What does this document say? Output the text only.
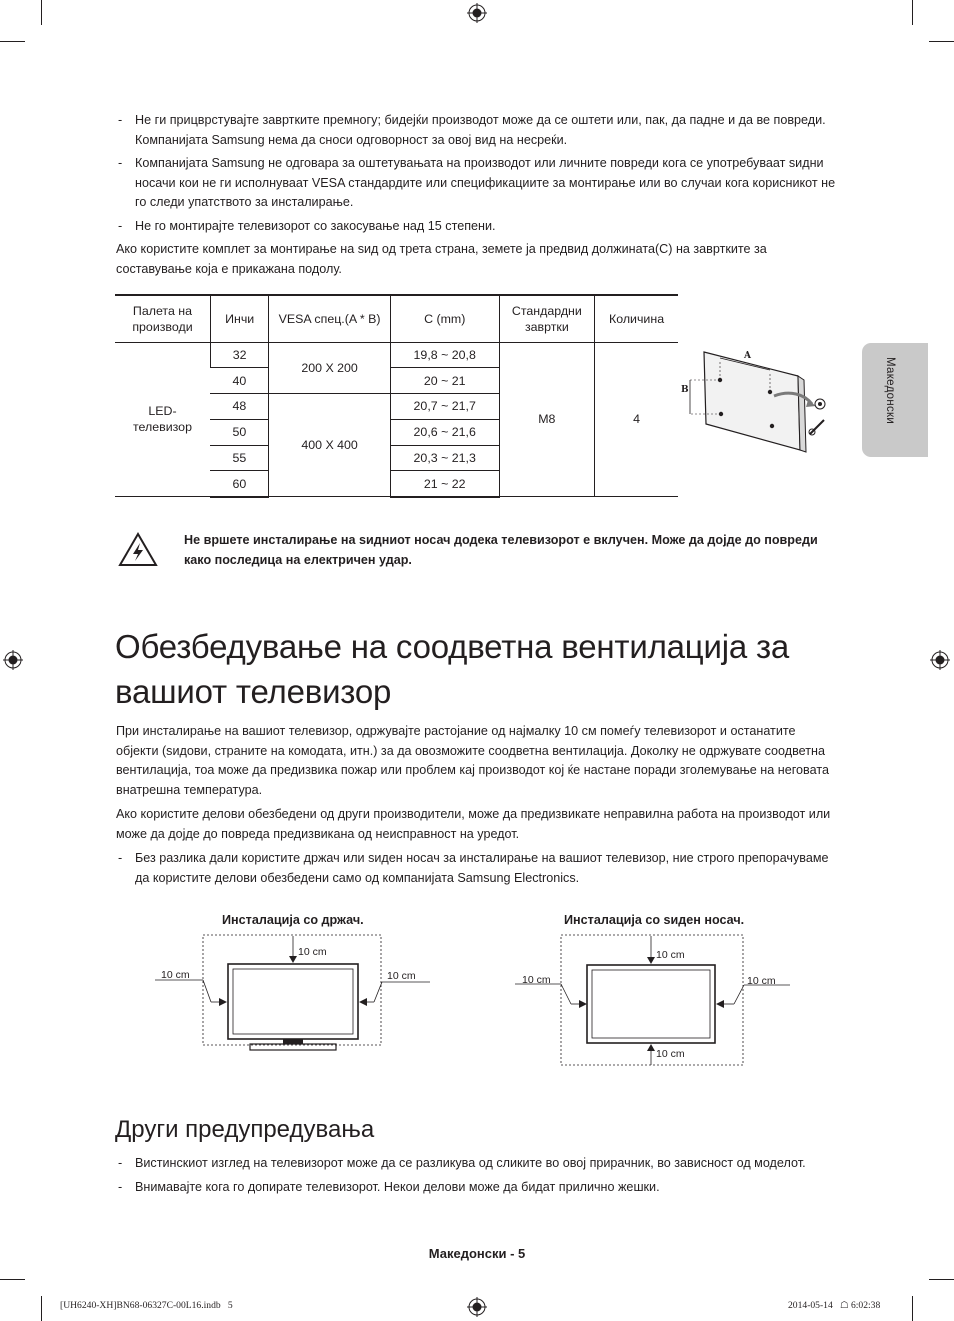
Македонски
- Не ги прицврстувајте завртките премногу; бидејќи производот може да се оштети или, пак, да падне и да ве повреди. Компанијата Samsung нема да сноси одговорност за овој вид на несреќи.
- Компанијата Samsung не одговара за оштетувањата на производот или личните повреди кога се употребуваат ѕидни носачи кои не ги исполнуваат VESA стандардите или спецификациите за монтирање или во случаи кога корисникот не го следи упатството за инсталирање.
- Не го монтирајте телевизорот со закосување над 15 степени.
Ако користите комплет за монтирање на ѕид од трета страна, земете ја предвид должината(C) на завртките за составување која е прикажана подолу.
Палета на производи	Инчи	VESA спец.(A * B)	C (mm)	Стандардни завртки	Количина
LED-телевизор	32	200 X 200	19,8 ~ 20,8	M8	4
	40		20 ~ 21		
	48	400 X 400	20,7 ~ 21,7		
	50		20,6 ~ 21,6		
	55		20,3 ~ 21,3		
	60		21 ~ 22		
A
B
Не вршете инсталирање на ѕидниот носач додека телевизорот е вклучен. Може да дојде до повреди како последица на електричен удар.
Обезбедување на соодветна вентилација за вашиот телевизор
При инсталирање на вашиот телевизор, одржувајте растојание од најмалку 10 см помеѓу телевизорот и останатите објекти (ѕидови, страните на комодата, итн.) за да овозможите соодветна вентилација. Доколку не одржувате соодветна вентилација, тоа може да предизвика пожар или проблем кај производот кој ќе настане поради зголемување на неговата внатрешна температура.
Ако користите делови обезбедени од други производители, може да предизвикате неправилна работа на производот или може да дојде до повреда предизвикана од неисправност на уредот.
- Без разлика дали користите држач или ѕиден носач за инсталирање на вашиот телевизор, ние строго препорачуваме да користите делови обезбедени само од компанијата Samsung Electronics.
Инсталација со држач.	Инсталација со ѕиден носач.
10 cm
10 cm	10 cm
10 cm
10 cm
10 cm	10 cm
Други предупредувања
- Вистинскиот изглед на телевизорот може да се разликува од сликите во овој прирачник, во зависност од моделот.
- Внимавајте кога го допирате телевизорот. Некои делови може да бидат прилично жешки.
Македонски - 5
[UH6240-XH]BN68-06327C-00L16.indb   5	2014-05-14   ☖ 6:02:38
